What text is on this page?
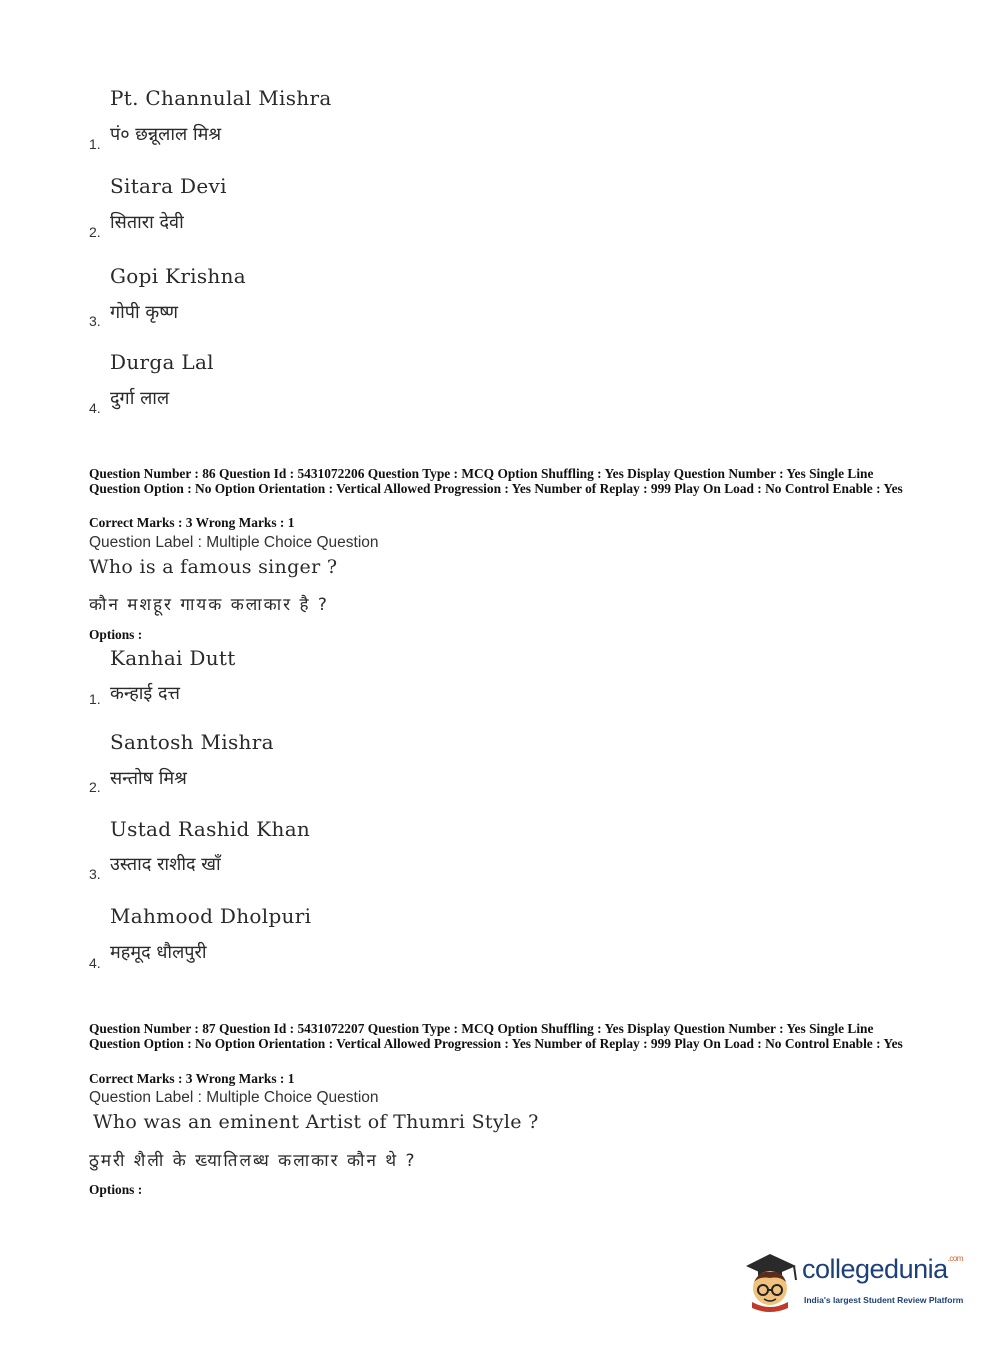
Pt. Channulal Mishra
1. पं० छन्नूलाल मिश्र
Sitara Devi
2. सितारा देवी
Gopi Krishna
3. गोपी कृष्ण
Durga Lal
4. दुर्गा लाल
Question Number : 86 Question Id : 5431072206 Question Type : MCQ Option Shuffling : Yes Display Question Number : Yes Single Line Question Option : No Option Orientation : Vertical Allowed Progression : Yes Number of Replay : 999 Play On Load : No Control Enable : Yes
Correct Marks : 3 Wrong Marks : 1
Question Label : Multiple Choice Question
Who is a famous singer ?
कौन मशहूर गायक कलाकार है ?
Options :
Kanhai Dutt
1. कन्हाई दत्त
Santosh Mishra
2. सन्तोष मिश्र
Ustad Rashid Khan
3. उस्ताद राशीद खाँ
Mahmood Dholpuri
4. महमूद धौलपुरी
Question Number : 87 Question Id : 5431072207 Question Type : MCQ Option Shuffling : Yes Display Question Number : Yes Single Line Question Option : No Option Orientation : Vertical Allowed Progression : Yes Number of Replay : 999 Play On Load : No Control Enable : Yes
Correct Marks : 3 Wrong Marks : 1
Question Label : Multiple Choice Question
Who was an eminent Artist of Thumri Style ?
ठुमरी शैली के ख्यातिलब्ध कलाकार कौन थे ?
Options :
collegedunia$^{.com}$
India's largest Student Review Platform
